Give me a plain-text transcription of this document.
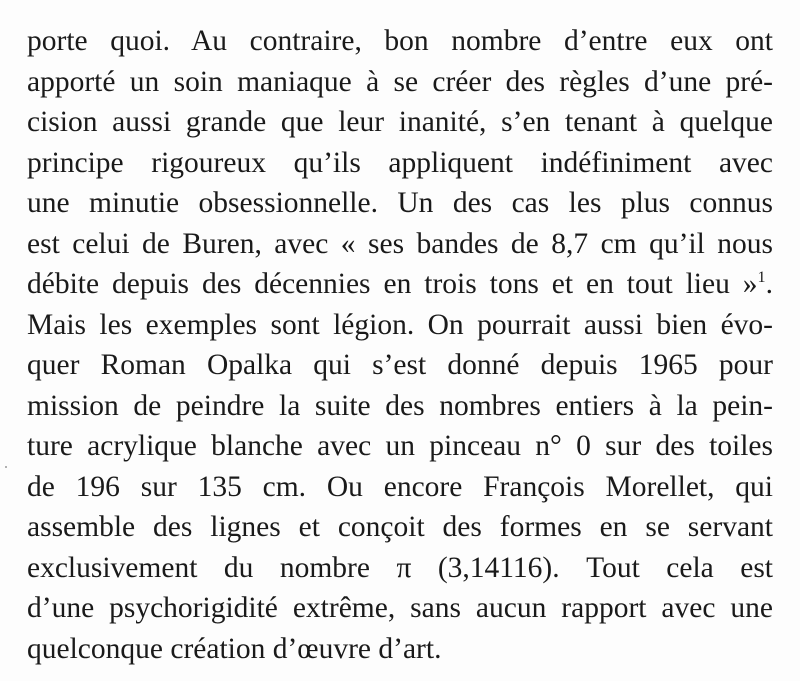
porte quoi. Au contraire, bon nombre d’entre eux ont
apporté un soin maniaque à se créer des règles d’une pré-
cision aussi grande que leur inanité, s’en tenant à quelque
principe rigoureux qu’ils appliquent indéfiniment avec
une minutie obsessionnelle. Un des cas les plus connus
est celui de Buren, avec « ses bandes de 8,7 cm qu’il nous
débite depuis des décennies en trois tons et en tout lieu »$^1$.
Mais les exemples sont légion. On pourrait aussi bien évo-
quer Roman Opalka qui s’est donné depuis 1965 pour
mission de peindre la suite des nombres entiers à la pein-
ture acrylique blanche avec un pinceau n° 0 sur des toiles
de 196 sur 135 cm. Ou encore François Morellet, qui
assemble des lignes et conçoit des formes en se servant
exclusivement du nombre π (3,14116). Tout cela est
d’une psychorigidité extrême, sans aucun rapport avec une
quelconque création d’œuvre d’art.
